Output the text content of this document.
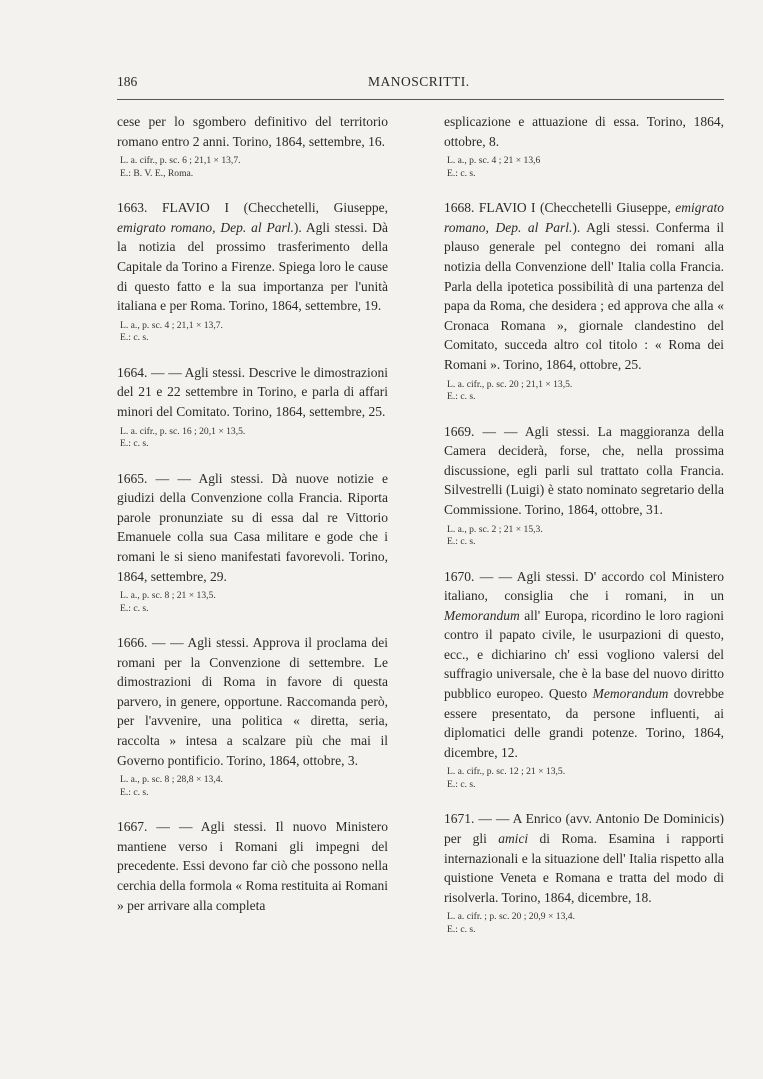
186	MANOSCRITTI.

cese per lo sgombero definitivo del territorio romano entro 2 anni. Torino, 1864, settembre, 16.

L. a. cifr., p. sc. 6 ; 21,1 × 13,7.
E.: B. V. E., Roma.

1663. FLAVIO I (Checchetelli, Giuseppe, emigrato romano, Dep. al Parl.). Agli stessi. Dà la notizia del prossimo trasferimento della Capitale da Torino a Firenze. Spiega loro le cause di questo fatto e la sua importanza per l'unità italiana e per Roma. Torino, 1864, settembre, 19.

L. a., p. sc. 4 ; 21,1 × 13,7.
E.: c. s.

1664. — — Agli stessi. Descrive le dimostrazioni del 21 e 22 settembre in Torino, e parla di affari minori del Comitato. Torino, 1864, settembre, 25.

L. a. cifr., p. sc. 16 ; 20,1 × 13,5.
E.: c. s.

1665. — — Agli stessi. Dà nuove notizie e giudizi della Convenzione colla Francia. Riporta parole pronunziate su di essa dal re Vittorio Emanuele colla sua Casa militare e gode che i romani le si sieno manifestati favorevoli. Torino, 1864, settembre, 29.

L. a., p. sc. 8 ; 21 × 13,5.
E.: c. s.

1666. — — Agli stessi. Approva il proclama dei romani per la Convenzione di settembre. Le dimostrazioni di Roma in favore di questa parvero, in genere, opportune. Raccomanda però, per l'avvenire, una politica « diretta, seria, raccolta » intesa a scalzare più che mai il Governo pontificio. Torino, 1864, ottobre, 3.

L. a., p. sc. 8 ; 28,8 × 13,4.
E.: c. s.

1667. — — Agli stessi. Il nuovo Ministero mantiene verso i Romani gli impegni del precedente. Essi devono far ciò che possono nella cerchia della formola « Roma restituita ai Romani » per arrivare alla completa

esplicazione e attuazione di essa. Torino, 1864, ottobre, 8.

L. a., p. sc. 4 ; 21 × 13,6
E.: c. s.

1668. FLAVIO I (Checchetelli Giuseppe, emigrato romano, Dep. al Parl.). Agli stessi. Conferma il plauso generale pel contegno dei romani alla notizia della Convenzione dell' Italia colla Francia. Parla della ipotetica possibilità di una partenza del papa da Roma, che desidera ; ed approva che alla « Cronaca Romana », giornale clandestino del Comitato, succeda altro col titolo : « Roma dei Romani ». Torino, 1864, ottobre, 25.

L. a. cifr., p. sc. 20 ; 21,1 × 13,5.
E.: c. s.

1669. — — Agli stessi. La maggioranza della Camera deciderà, forse, che, nella prossima discussione, egli parli sul trattato colla Francia. Silvestrelli (Luigi) è stato nominato segretario della Commissione. Torino, 1864, ottobre, 31.

L. a., p. sc. 2 ; 21 × 15,3.
E.: c. s.

1670. — — Agli stessi. D' accordo col Ministero italiano, consiglia che i romani, in un Memorandum all' Europa, ricordino le loro ragioni contro il papato civile, le usurpazioni di questo, ecc., e dichiarino ch' essi vogliono valersi del suffragio universale, che è la base del nuovo diritto pubblico europeo. Questo Memorandum dovrebbe essere presentato, da persone influenti, ai diplomatici delle grandi potenze. Torino, 1864, dicembre, 12.

L. a. cifr., p. sc. 12 ; 21 × 13,5.
E.: c. s.

1671. — — A Enrico (avv. Antonio De Dominicis) per gli amici di Roma. Esamina i rapporti internazionali e la situazione dell' Italia rispetto alla quistione Veneta e Romana e tratta del modo di risolverla. Torino, 1864, dicembre, 18.

L. a. cifr. ; p. sc. 20 ; 20,9 × 13,4.
E.: c. s.
